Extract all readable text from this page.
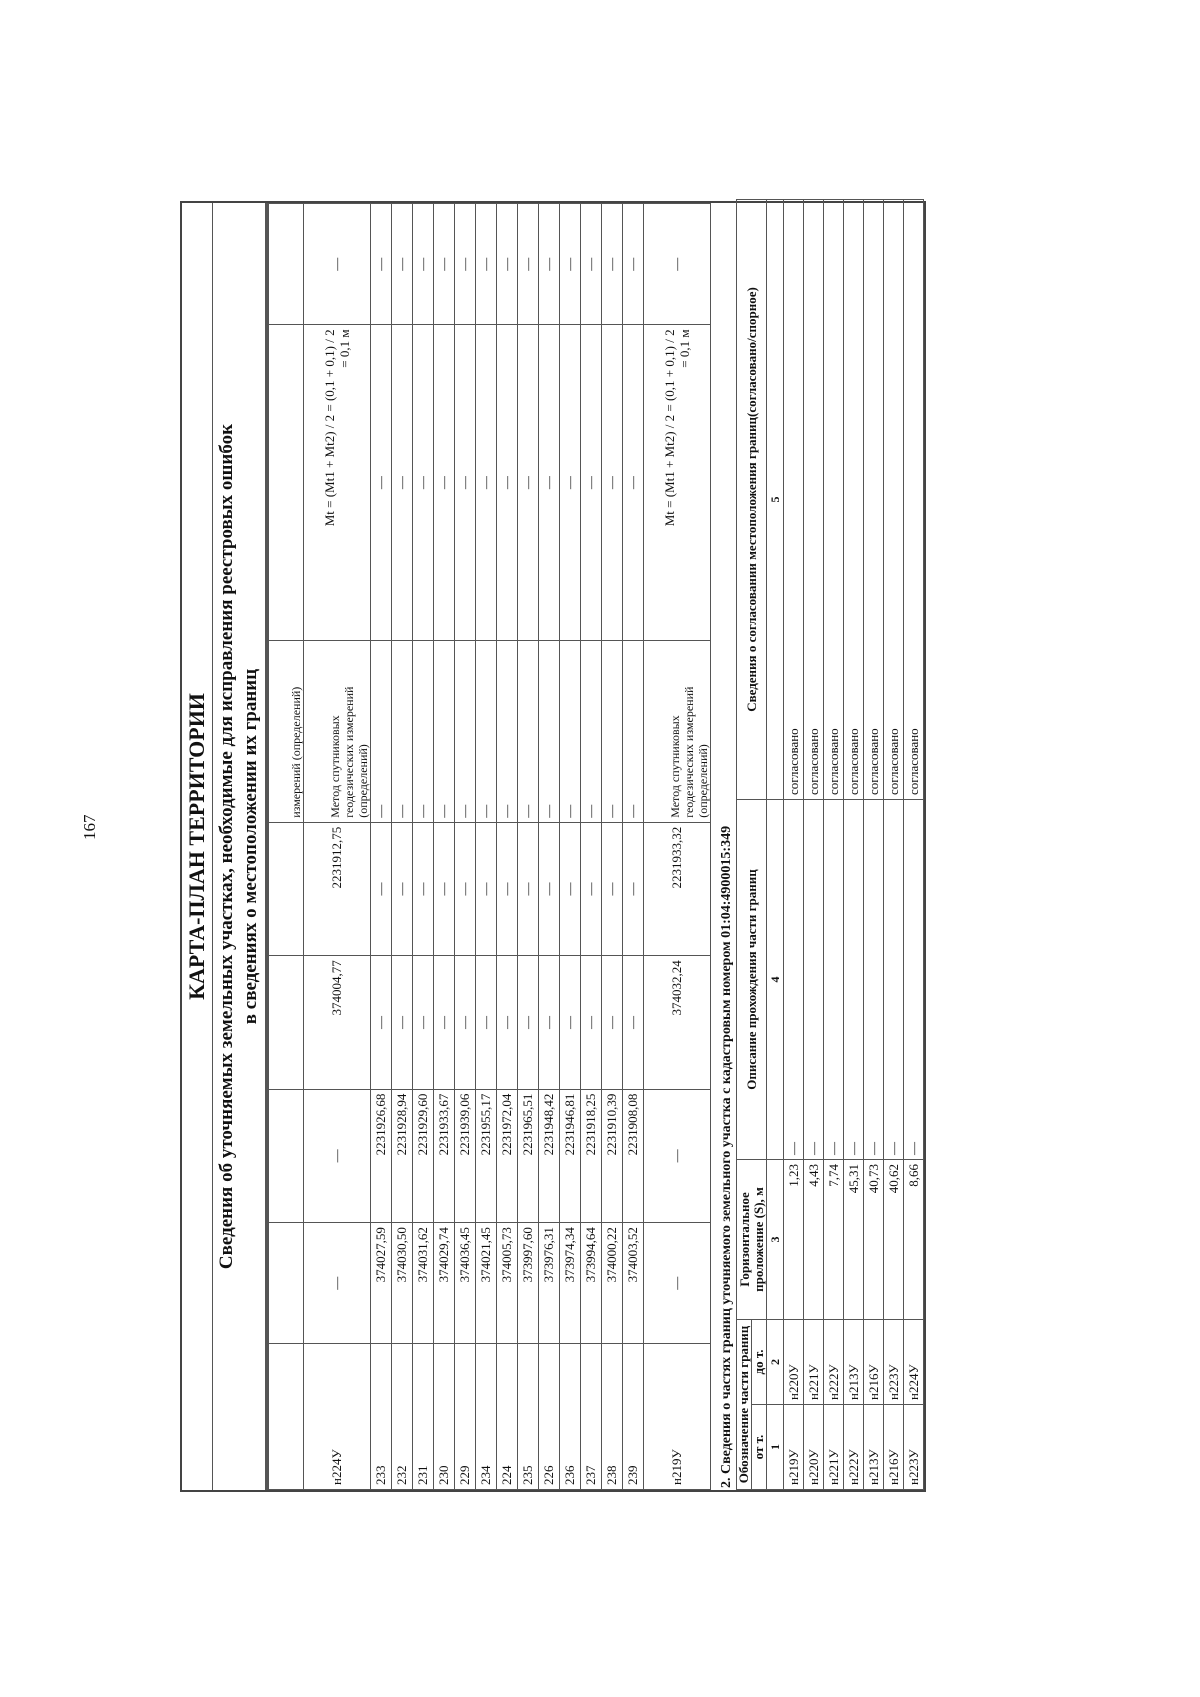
167	КАРТА-ПЛАН ТЕРРИТОРИИ Сведения об уточняемых земельных участках, необходимые для исправления реестровых ошибок в сведениях о местоположении их границ
					измерений (определений)		
н224У	—	—	374004,77	2231912,75	Метод спутниковых геодезических измерений (определений)	Mt = (Mt1 + Mt2) / 2 = (0,1 + 0,1) / 2 = 0,1 м	—
233	374027,59	2231926,68	—	—	—	—	—
232	374030,50	2231928,94	—	—	—	—	—
231	374031,62	2231929,60	—	—	—	—	—
230	374029,74	2231933,67	—	—	—	—	—
229	374036,45	2231939,06	—	—	—	—	—
234	374021,45	2231955,17	—	—	—	—	—
224	374005,73	2231972,04	—	—	—	—	—
235	373997,60	2231965,51	—	—	—	—	—
226	373976,31	2231948,42	—	—	—	—	—
236	373974,34	2231946,81	—	—	—	—	—
237	373994,64	2231918,25	—	—	—	—	—
238	374000,22	2231910,39	—	—	—	—	—
239	374003,52	2231908,08	—	—	—	—	—
н219У	—	—	374032,24	2231933,32	Метод спутниковых геодезических измерений (определений)	Mt = (Mt1 + Mt2) / 2 = (0,1 + 0,1) / 2 = 0,1 м	—
2. Сведения о частях границ уточняемого земельного участка с кадастровым номером 01:04:4900015:349 Обозначение части границ		Горизонтальное проложение (S), м	Описание прохождения части границ	Сведения о согласовании местоположения границ(согласовано/спорное)
от т.	до т.			
1	2	3	4	5
н219У	н220У	1,23	—	согласовано
н220У	н221У	4,43	—	согласовано
н221У	н222У	7,74	—	согласовано
н222У	н213У	45,31	—	согласовано
н213У	н216У	40,73	—	согласовано
н216У	н223У	40,62	—	согласовано
н223У	н224У	8,66	—	согласовано
